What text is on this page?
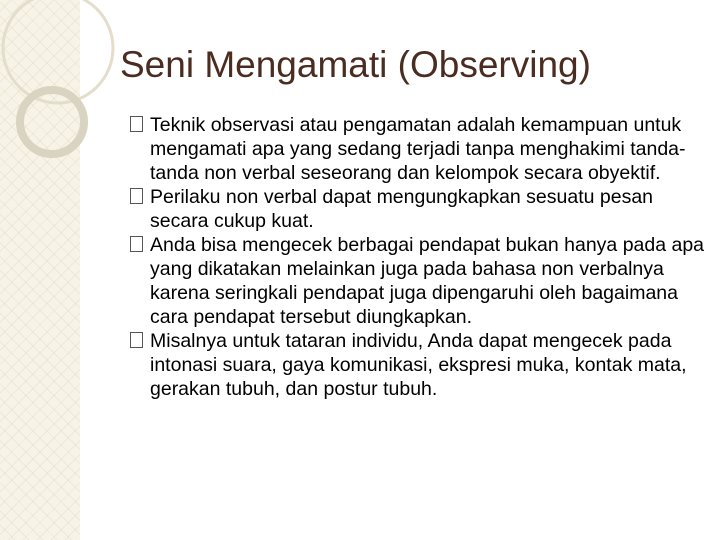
Seni Mengamati (Observing)
Teknik observasi atau pengamatan adalah kemampuan untuk mengamati apa yang sedang terjadi tanpa menghakimi tanda-tanda non verbal seseorang dan kelompok secara obyektif.
Perilaku non verbal dapat mengungkapkan sesuatu pesan secara cukup kuat.
Anda bisa mengecek berbagai pendapat bukan hanya pada apa yang dikatakan melainkan juga pada bahasa non verbalnya karena seringkali pendapat juga dipengaruhi oleh bagaimana cara pendapat tersebut diungkapkan.
Misalnya untuk tataran individu, Anda dapat mengecek pada intonasi suara, gaya komunikasi, ekspresi muka, kontak mata, gerakan tubuh, dan postur tubuh.
